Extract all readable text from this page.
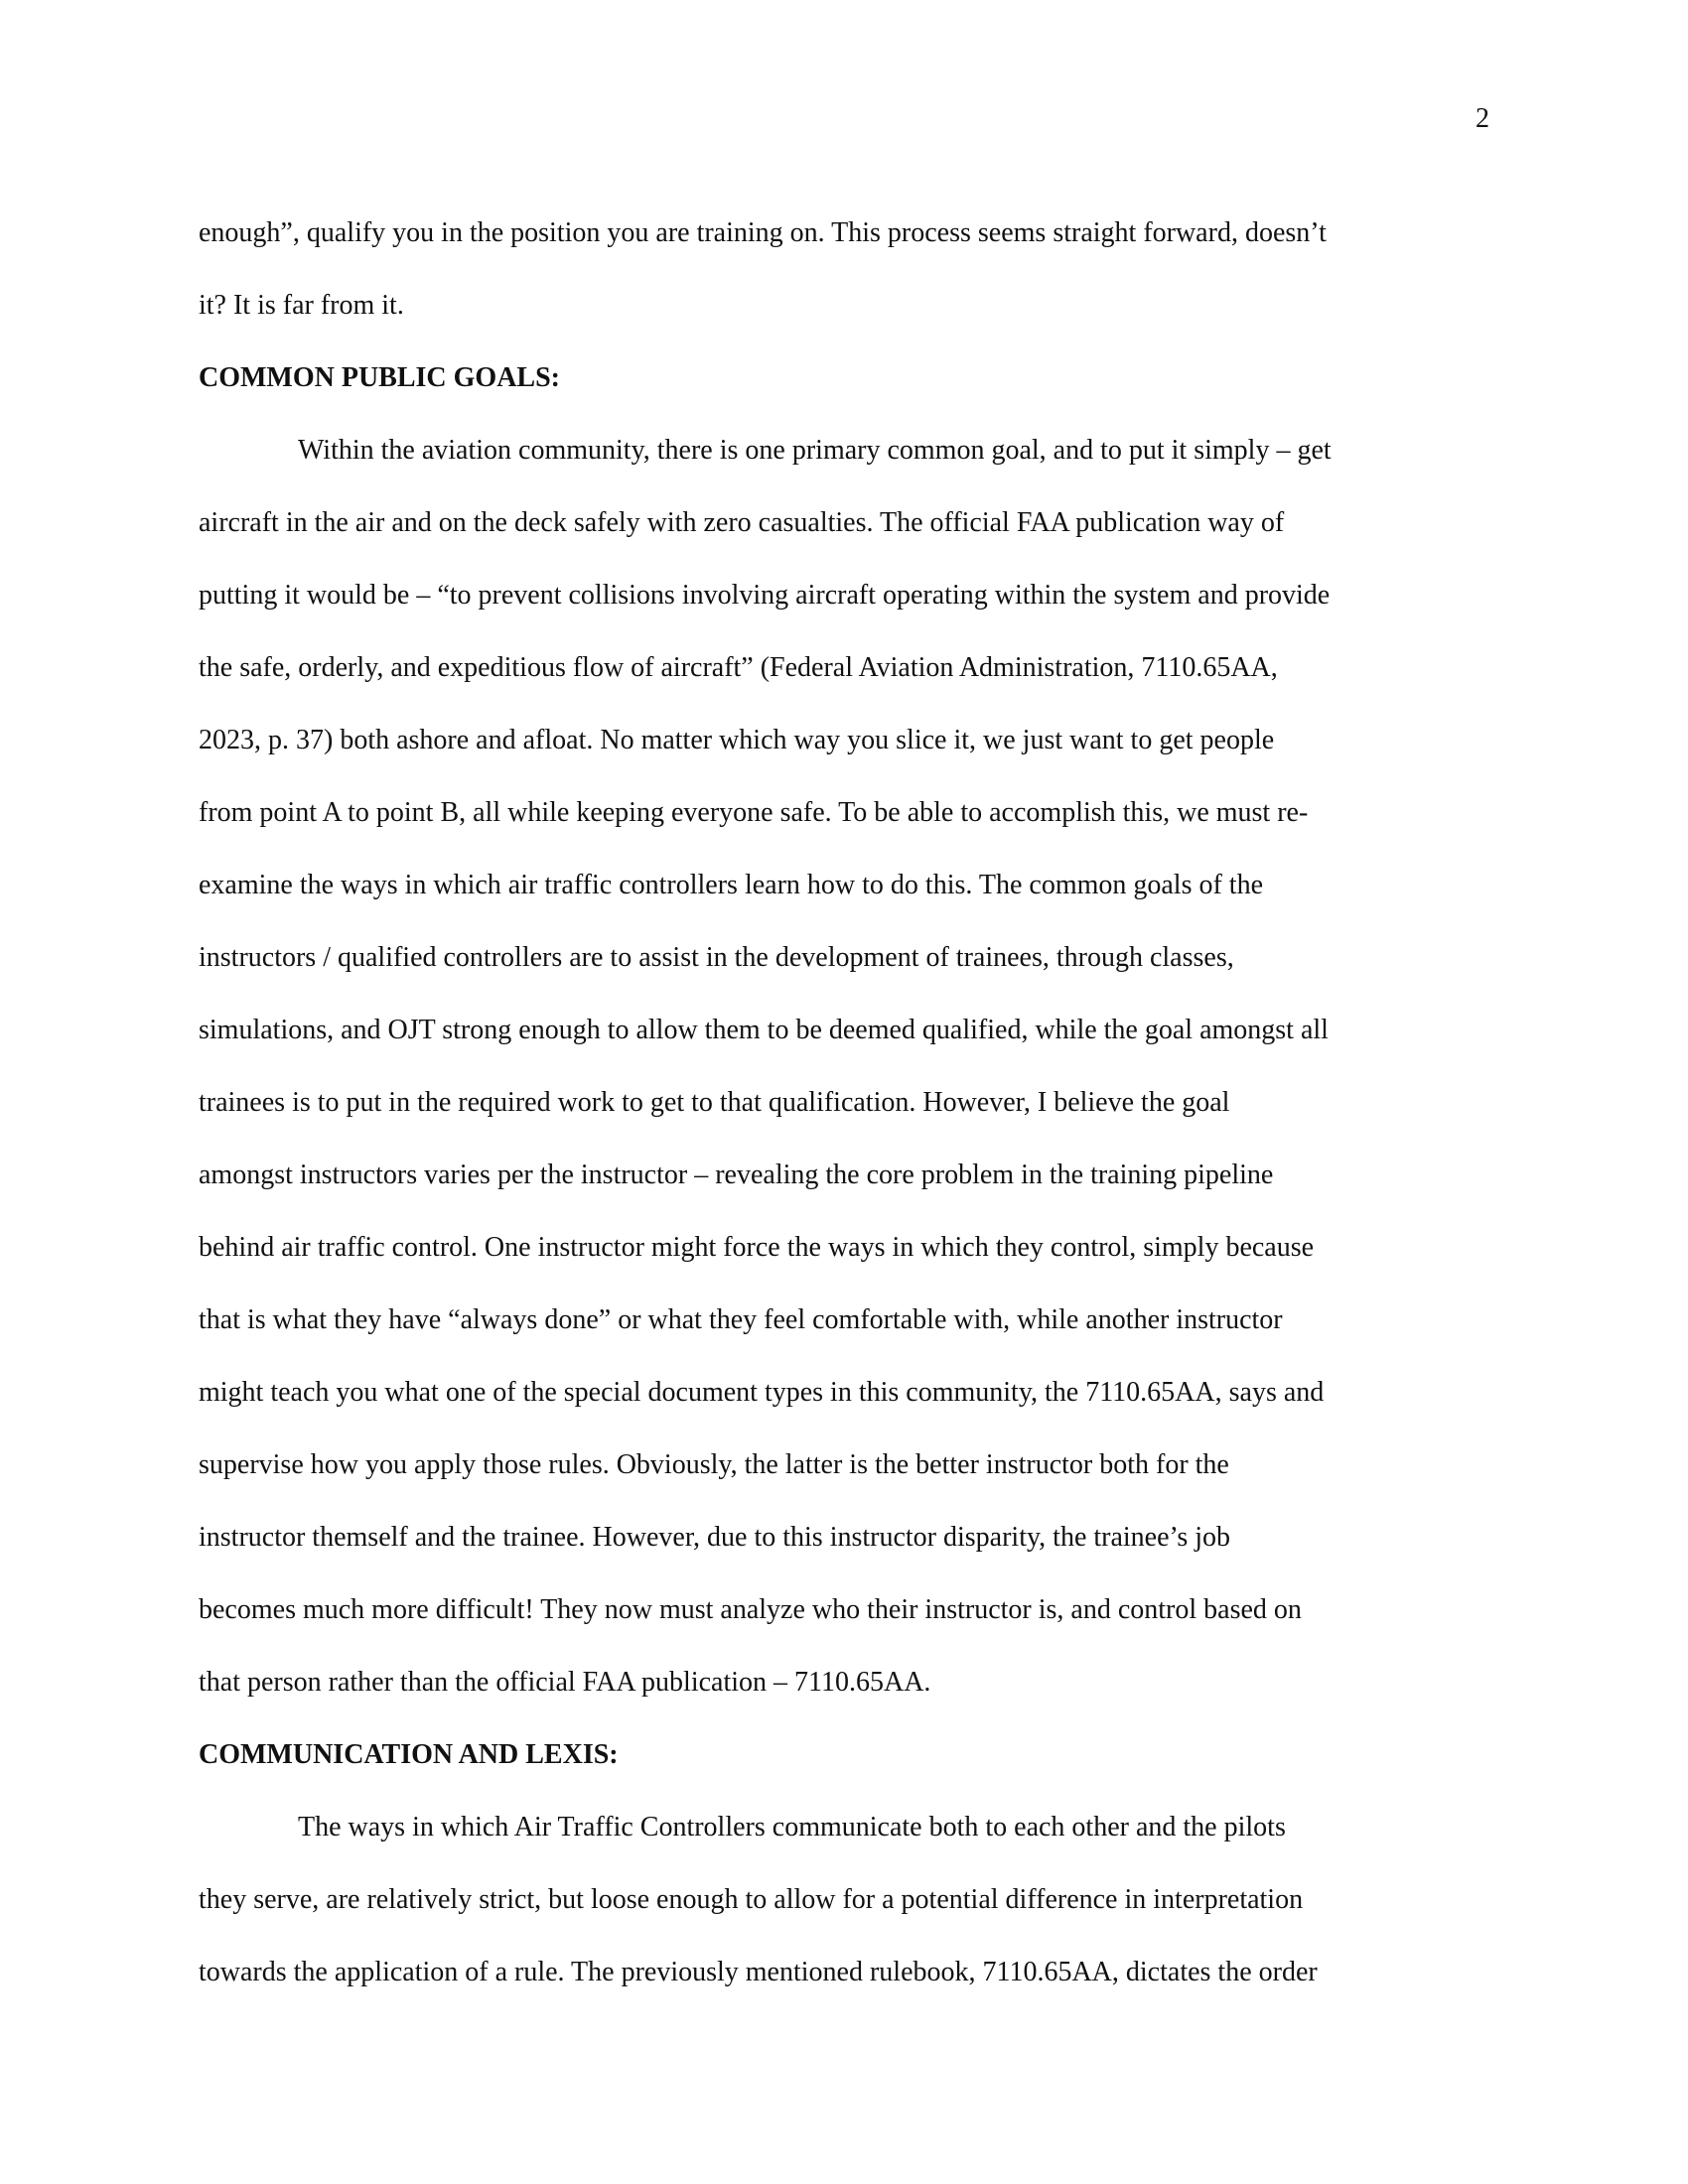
2

enough”, qualify you in the position you are training on. This process seems straight forward, doesn’t
it? It is far from it.

COMMON PUBLIC GOALS:

Within the aviation community, there is one primary common goal, and to put it simply – get
aircraft in the air and on the deck safely with zero casualties. The official FAA publication way of
putting it would be – “to prevent collisions involving aircraft operating within the system and provide
the safe, orderly, and expeditious flow of aircraft” (Federal Aviation Administration, 7110.65AA,
2023, p. 37) both ashore and afloat. No matter which way you slice it, we just want to get people
from point A to point B, all while keeping everyone safe. To be able to accomplish this, we must re-
examine the ways in which air traffic controllers learn how to do this. The common goals of the
instructors / qualified controllers are to assist in the development of trainees, through classes,
simulations, and OJT strong enough to allow them to be deemed qualified, while the goal amongst all
trainees is to put in the required work to get to that qualification. However, I believe the goal
amongst instructors varies per the instructor – revealing the core problem in the training pipeline
behind air traffic control. One instructor might force the ways in which they control, simply because
that is what they have “always done” or what they feel comfortable with, while another instructor
might teach you what one of the special document types in this community, the 7110.65AA, says and
supervise how you apply those rules. Obviously, the latter is the better instructor both for the
instructor themself and the trainee. However, due to this instructor disparity, the trainee’s job
becomes much more difficult! They now must analyze who their instructor is, and control based on
that person rather than the official FAA publication – 7110.65AA.

COMMUNICATION AND LEXIS:

The ways in which Air Traffic Controllers communicate both to each other and the pilots
they serve, are relatively strict, but loose enough to allow for a potential difference in interpretation
towards the application of a rule. The previously mentioned rulebook, 7110.65AA, dictates the order
